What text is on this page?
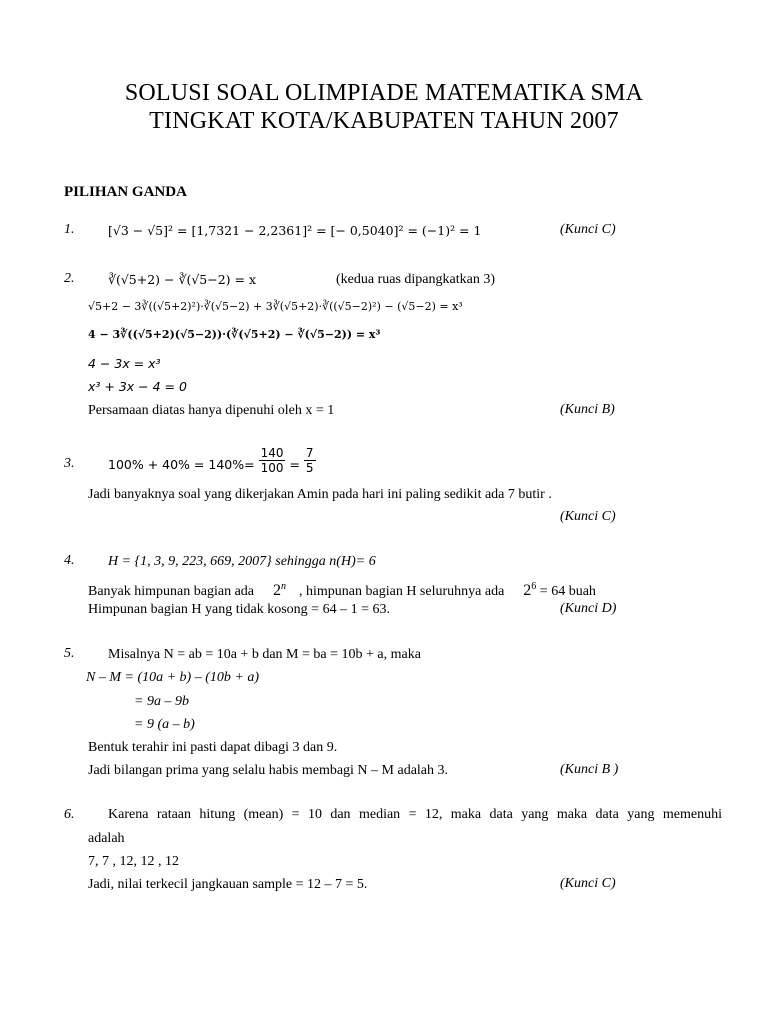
SOLUSI SOAL OLIMPIADE MATEMATIKA SMA
TINGKAT KOTA/KABUPATEN TAHUN 2007
PILIHAN GANDA
1.	[√3 − √5]² = [1,7321 − 2,2361]² = [− 0,5040]² = (−1)² = 1	(Kunci C)
2.	∛(√5+2) − ∛(√5−2) = x	(kedua ruas dipangkatkan 3)
√5+2 − 3∛((√5+2)²)·∛(√5−2) + 3∛(√5+2)·∛((√5−2)²) − (√5−2) = x³
4 − 3∛((√5+2)(√5−2))·(∛(√5+2) − ∛(√5−2)) = x³
4 − 3x = x³
x³ + 3x − 4 = 0
Persamaan diatas hanya dipenuhi oleh x = 1	(Kunci B)
3.	$100\% + 40\% = 140\%= \frac{140}{100} = \frac{7}{5}$
Jadi banyaknya soal yang dikerjakan Amin pada hari ini paling sedikit ada 7 butir .
(Kunci C)
4. H = {1, 3, 9, 223, 669, 2007} sehingga n(H)= 6
Banyak himpunan bagian ada 2$^n$ , himpunan bagian H seluruhnya ada $2^6 = 64$ buah
Himpunan bagian H yang tidak kosong = 64 – 1 = 63.	(Kunci D)
5. Misalnya N = ab = 10a + b dan M = ba = 10b + a, maka
N – M = (10a + b) – (10b + a)
= 9a – 9b
= 9 (a – b)
Bentuk terahir ini pasti dapat dibagi 3 dan 9.
Jadi bilangan prima yang selalu habis membagi N – M adalah 3.	(Kunci B )
6. Karena rataan hitung (mean) = 10 dan median = 12, maka data yang maka data yang memenuhi
adalah
7, 7 , 12, 12 , 12
Jadi, nilai terkecil jangkauan sample = 12 – 7 = 5.	(Kunci C)
